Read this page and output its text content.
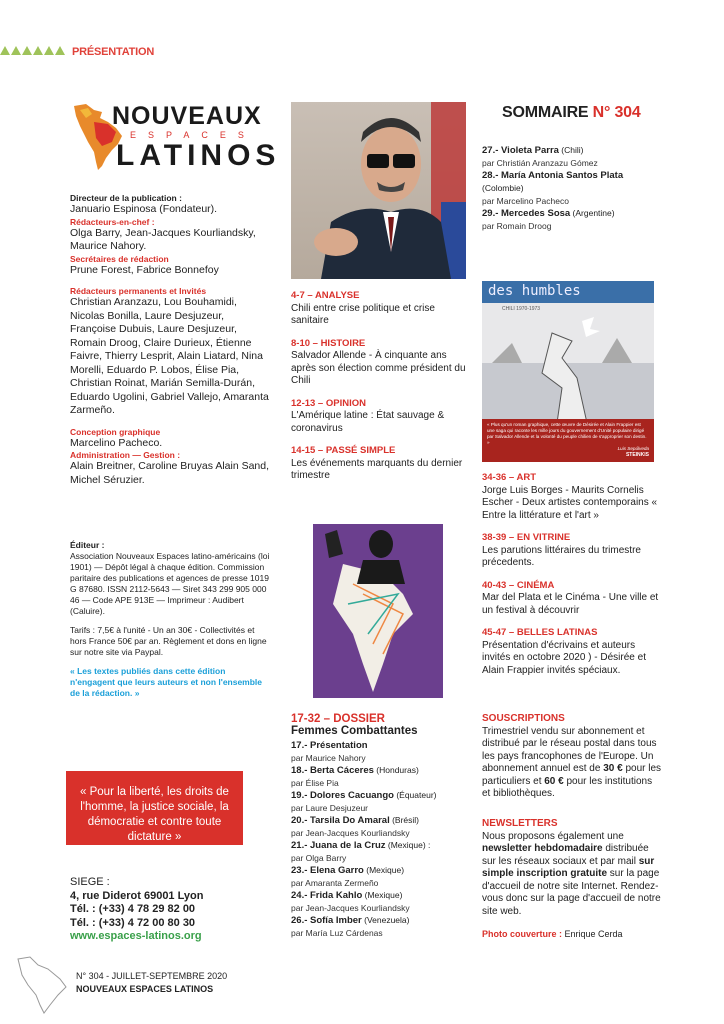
PRÉSENTATION
NOUVEAUX
ESPACES
LATINOS
Directeur de la publication :
Januario Espinosa (Fondateur).
Rédacteurs-en-chef :
Olga Barry, Jean-Jacques Kourliandsky, Maurice Nahory.
Secrétaires de rédaction
Prune Forest, Fabrice Bonnefoy
Rédacteurs permanents et Invités
Christian Aranzazu, Lou Bouhamidi, Nicolas Bonilla, Laure Desjuzeur, Françoise Dubuis, Laure Desjuzeur, Romain Droog, Claire Durieux, Étienne Faivre, Thierry Lesprit, Alain Liatard, Nina Morelli, Eduardo P. Lobos, Élise Pia, Christian Roinat, Marián Semilla-Durán, Eduardo Ugolini, Gabriel Vallejo, Amaranta Zarmeño.
Conception graphique
Marcelino Pacheco.
Administration — Gestion :
Alain Breitner, Caroline Bruyas Alain Sand, Michel Séruzier.
Éditeur :
Association Nouveaux Espaces latino-américains (loi 1901) — Dépôt légal à chaque édition. Commission paritaire des publications et agences de presse 1019 G 87680. ISSN 2112-5643 — Siret 343 299 905 000 46 — Code APE 913E — Imprimeur : Audibert (Caluire).
Tarifs : 7,5€ à l'unité - Un an 30€ - Collectivités et hors France 50€ par an. Règlement et dons en ligne sur notre site via Paypal.
« Les textes publiés dans cette édition n'engagent que leurs auteurs et non l'ensemble de la rédaction. »
« Pour la liberté, les droits de l'homme, la justice sociale, la démocratie et contre toute dictature »
SIEGE :
4, rue Diderot 69001 Lyon
Tél. : (+33) 4 78 29 82 00
Tél. : (+33) 4 72 00 80 30
www.espaces-latinos.org
N° 304 - JUILLET-SEPTEMBRE 2020
NOUVEAUX ESPACES LATINOS
4-7 – ANALYSE
Chili entre crise politique et crise sanitaire
8-10 – HISTOIRE
Salvador Allende - À cinquante ans après son élection comme président du Chili
12-13 – OPINION
L'Amérique latine : État sauvage & coronavirus
14-15 – PASSÉ SIMPLE
Les événements marquants du dernier trimestre
17-32 – DOSSIER
Femmes Combattantes
17.- Présentation
par Maurice Nahory
18.- Berta Cáceres (Honduras)
par Élise Pia
19.- Dolores Cacuango (Équateur)
par Laure Desjuzeur
20.- Tarsila Do Amaral (Brésil)
par Jean-Jacques Kourliandsky
21.- Juana de la Cruz (Mexique) :
par Olga Barry
23.- Elena Garro (Mexique)
par Amaranta Zermeño
24.- Frida Kahlo (Mexique)
par Jean-Jacques Kourliandsky
26.- Sofía Imber (Venezuela)
par María Luz Cárdenas
SOMMAIRE N° 304
27.- Violeta Parra (Chili)
par Christián Aranzazu Gómez
28.- María Antonia Santos Plata (Colombie)
par Marcelino Pacheco
29.- Mercedes Sosa (Argentine)
par Romain Droog
des humbles
CHILI 1970-1973
« Plus qu'un roman graphique, cette œuvre de Désirée et Alain Frappier est une saga qui raconte les mille jours du gouvernement d'Unité populaire dirigé par Salvador Allende et la volonté du peuple chilien de s'approprier son destin. »
Luis Sepúlveda
STEINKIS
34-36 – ART
Jorge Luis Borges - Maurits Cornelis Escher - Deux artistes contemporains « Entre la littérature et l'art »
38-39 – EN VITRINE
Les parutions littéraires du trimestre précedents.
40-43 – CINÉMA
Mar del Plata et le Cinéma - Une ville et un festival à découvrir
45-47 – BELLES LATINAS
Présentation d'écrivains et auteurs invités en octobre 2020 ) - Désirée et Alain Frappier invités spéciaux.
SOUSCRIPTIONS
Trimestriel vendu sur abonnement et distribué par le réseau postal dans tous les pays francophones de l'Europe. Un abonnement annuel est de 30 € pour les particuliers et 60 € pour les institutions et bibliothèques.
NEWSLETTERS
Nous proposons également une newsletter hebdomadaire distribuée sur les réseaux sociaux et par mail sur simple inscription gratuite sur la page d'accueil de notre site Internet. Rendez-vous donc sur la page d'accueil de notre site web.
Photo couverture : Enrique Cerda
